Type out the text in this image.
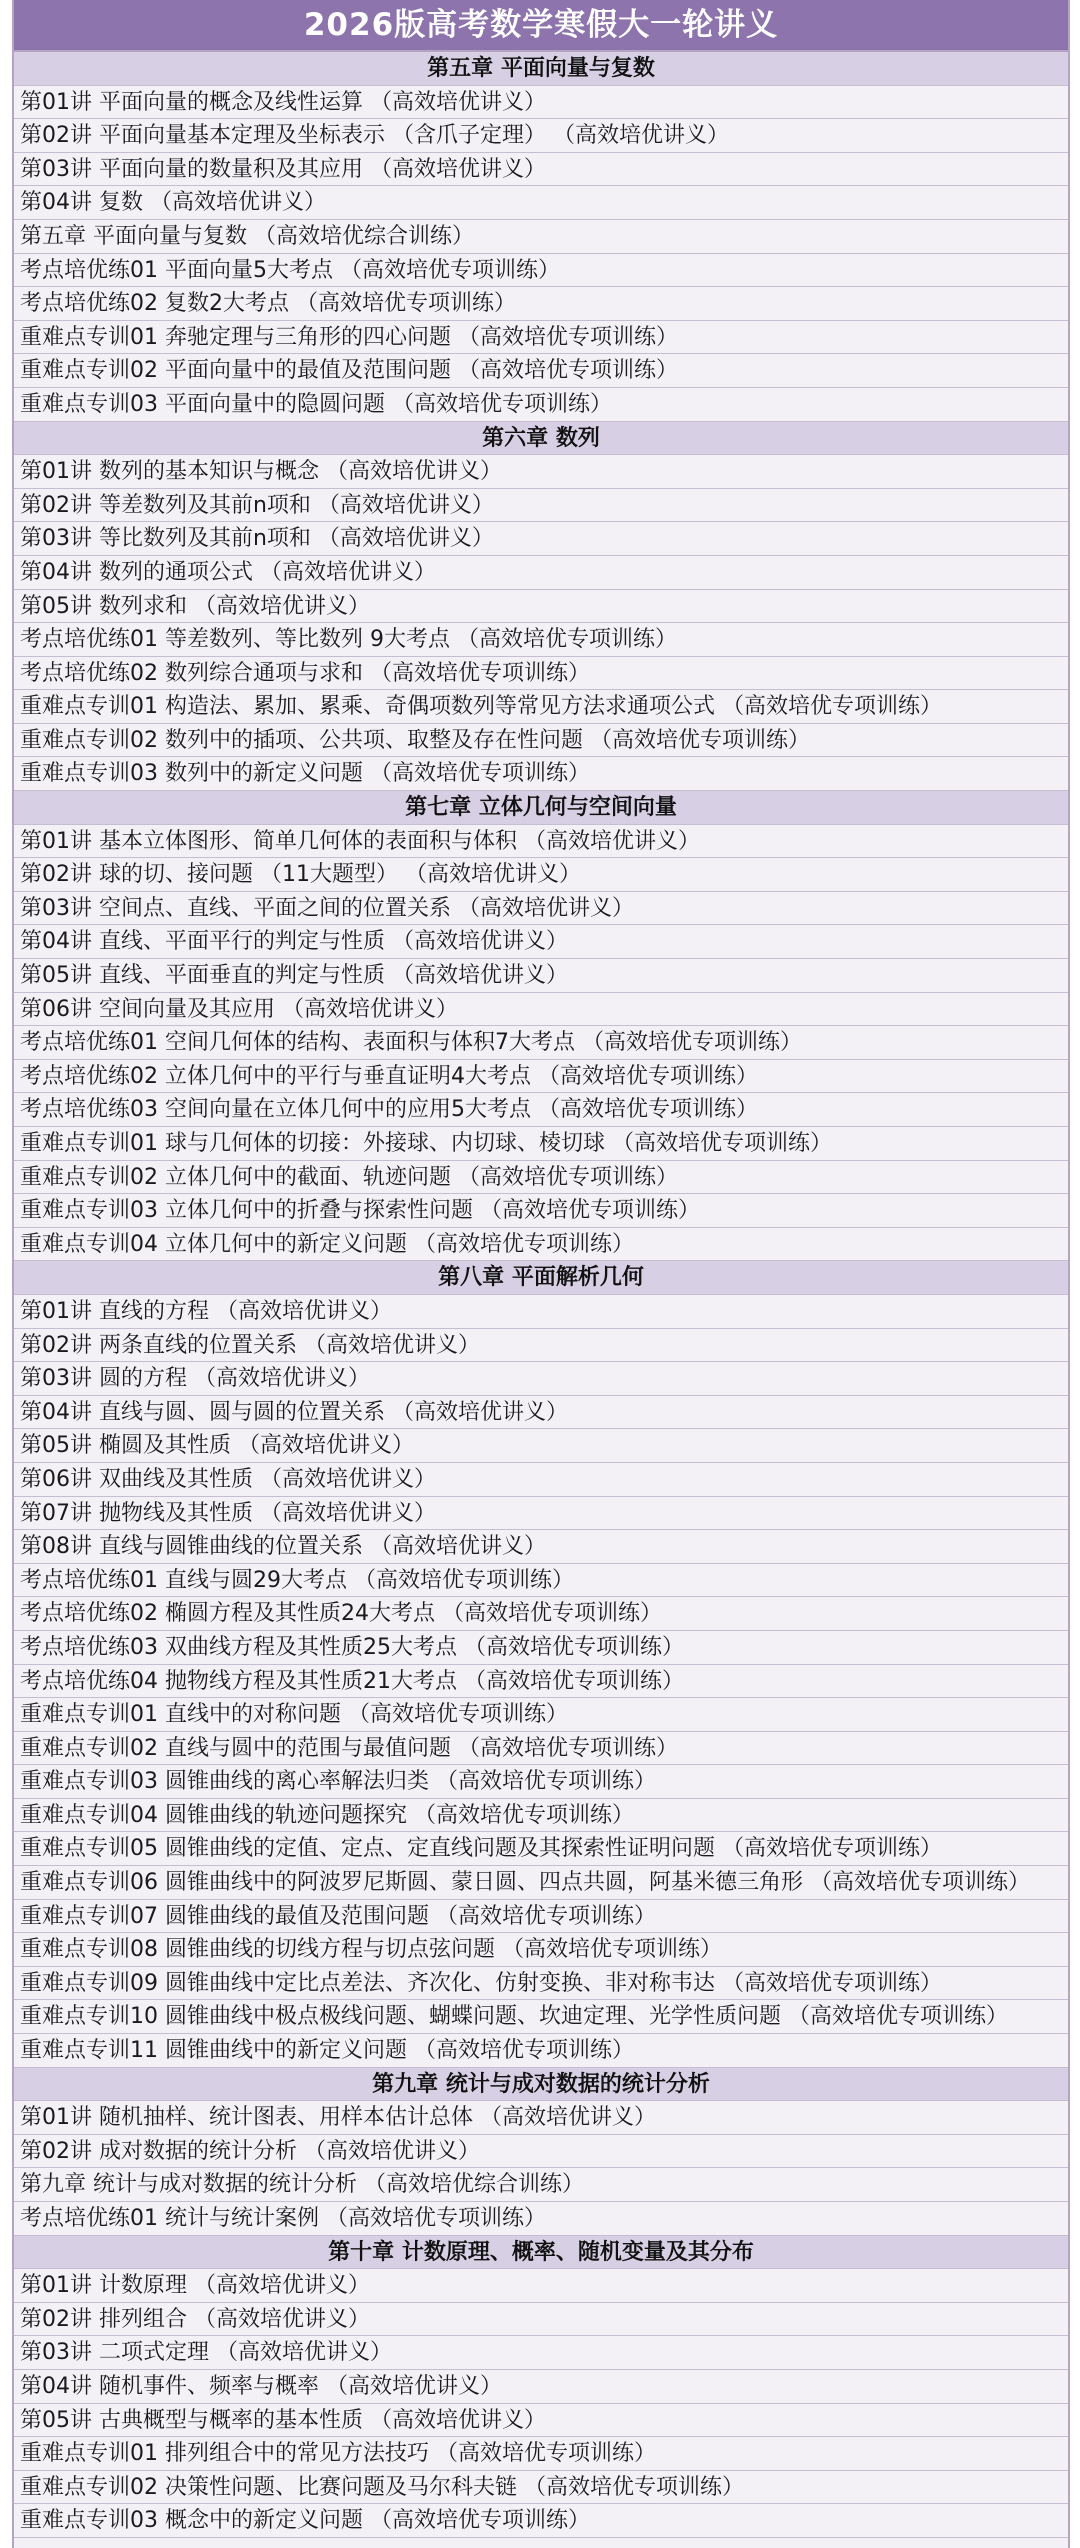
2026版高考数学寒假大一轮讲义
第五章 平面向量与复数
第01讲 平面向量的概念及线性运算 （高效培优讲义）
第02讲 平面向量基本定理及坐标表示 （含爪子定理） （高效培优讲义）
第03讲 平面向量的数量积及其应用 （高效培优讲义）
第04讲 复数 （高效培优讲义）
第五章 平面向量与复数 （高效培优综合训练）
考点培优练01 平面向量5大考点 （高效培优专项训练）
考点培优练02 复数2大考点 （高效培优专项训练）
重难点专训01 奔驰定理与三角形的四心问题 （高效培优专项训练）
重难点专训02 平面向量中的最值及范围问题 （高效培优专项训练）
重难点专训03 平面向量中的隐圆问题 （高效培优专项训练）
第六章 数列
第01讲 数列的基本知识与概念 （高效培优讲义）
第02讲 等差数列及其前n项和 （高效培优讲义）
第03讲 等比数列及其前n项和 （高效培优讲义）
第04讲 数列的通项公式 （高效培优讲义）
第05讲 数列求和 （高效培优讲义）
考点培优练01 等差数列、等比数列 9大考点 （高效培优专项训练）
考点培优练02 数列综合通项与求和 （高效培优专项训练）
重难点专训01 构造法、累加、累乘、奇偶项数列等常见方法求通项公式 （高效培优专项训练）
重难点专训02 数列中的插项、公共项、取整及存在性问题 （高效培优专项训练）
重难点专训03 数列中的新定义问题 （高效培优专项训练）
第七章 立体几何与空间向量
第01讲 基本立体图形、简单几何体的表面积与体积 （高效培优讲义）
第02讲 球的切、接问题 （11大题型） （高效培优讲义）
第03讲 空间点、直线、平面之间的位置关系 （高效培优讲义）
第04讲 直线、平面平行的判定与性质 （高效培优讲义）
第05讲 直线、平面垂直的判定与性质 （高效培优讲义）
第06讲 空间向量及其应用 （高效培优讲义）
考点培优练01 空间几何体的结构、表面积与体积7大考点 （高效培优专项训练）
考点培优练02 立体几何中的平行与垂直证明4大考点 （高效培优专项训练）
考点培优练03 空间向量在立体几何中的应用5大考点 （高效培优专项训练）
重难点专训01 球与几何体的切接：外接球、内切球、棱切球 （高效培优专项训练）
重难点专训02 立体几何中的截面、轨迹问题 （高效培优专项训练）
重难点专训03 立体几何中的折叠与探索性问题 （高效培优专项训练）
重难点专训04 立体几何中的新定义问题 （高效培优专项训练）
第八章 平面解析几何
第01讲 直线的方程 （高效培优讲义）
第02讲 两条直线的位置关系 （高效培优讲义）
第03讲 圆的方程 （高效培优讲义）
第04讲 直线与圆、圆与圆的位置关系 （高效培优讲义）
第05讲 椭圆及其性质 （高效培优讲义）
第06讲 双曲线及其性质 （高效培优讲义）
第07讲 抛物线及其性质 （高效培优讲义）
第08讲 直线与圆锥曲线的位置关系 （高效培优讲义）
考点培优练01 直线与圆29大考点 （高效培优专项训练）
考点培优练02 椭圆方程及其性质24大考点 （高效培优专项训练）
考点培优练03 双曲线方程及其性质25大考点 （高效培优专项训练）
考点培优练04 抛物线方程及其性质21大考点 （高效培优专项训练）
重难点专训01 直线中的对称问题 （高效培优专项训练）
重难点专训02 直线与圆中的范围与最值问题 （高效培优专项训练）
重难点专训03 圆锥曲线的离心率解法归类 （高效培优专项训练）
重难点专训04 圆锥曲线的轨迹问题探究 （高效培优专项训练）
重难点专训05 圆锥曲线的定值、定点、定直线问题及其探索性证明问题 （高效培优专项训练）
重难点专训06 圆锥曲线中的阿波罗尼斯圆、蒙日圆、四点共圆，阿基米德三角形 （高效培优专项训练）
重难点专训07 圆锥曲线的最值及范围问题 （高效培优专项训练）
重难点专训08 圆锥曲线的切线方程与切点弦问题 （高效培优专项训练）
重难点专训09 圆锥曲线中定比点差法、齐次化、仿射变换、非对称韦达 （高效培优专项训练）
重难点专训10 圆锥曲线中极点极线问题、蝴蝶问题、坎迪定理、光学性质问题 （高效培优专项训练）
重难点专训11 圆锥曲线中的新定义问题 （高效培优专项训练）
第九章 统计与成对数据的统计分析
第01讲 随机抽样、统计图表、用样本估计总体 （高效培优讲义）
第02讲 成对数据的统计分析 （高效培优讲义）
第九章 统计与成对数据的统计分析 （高效培优综合训练）
考点培优练01 统计与统计案例 （高效培优专项训练）
第十章 计数原理、概率、随机变量及其分布
第01讲 计数原理 （高效培优讲义）
第02讲 排列组合 （高效培优讲义）
第03讲 二项式定理 （高效培优讲义）
第04讲 随机事件、频率与概率 （高效培优讲义）
第05讲 古典概型与概率的基本性质 （高效培优讲义）
重难点专训01 排列组合中的常见方法技巧 （高效培优专项训练）
重难点专训02 决策性问题、比赛问题及马尔科夫链 （高效培优专项训练）
重难点专训03 概念中的新定义问题 （高效培优专项训练）
